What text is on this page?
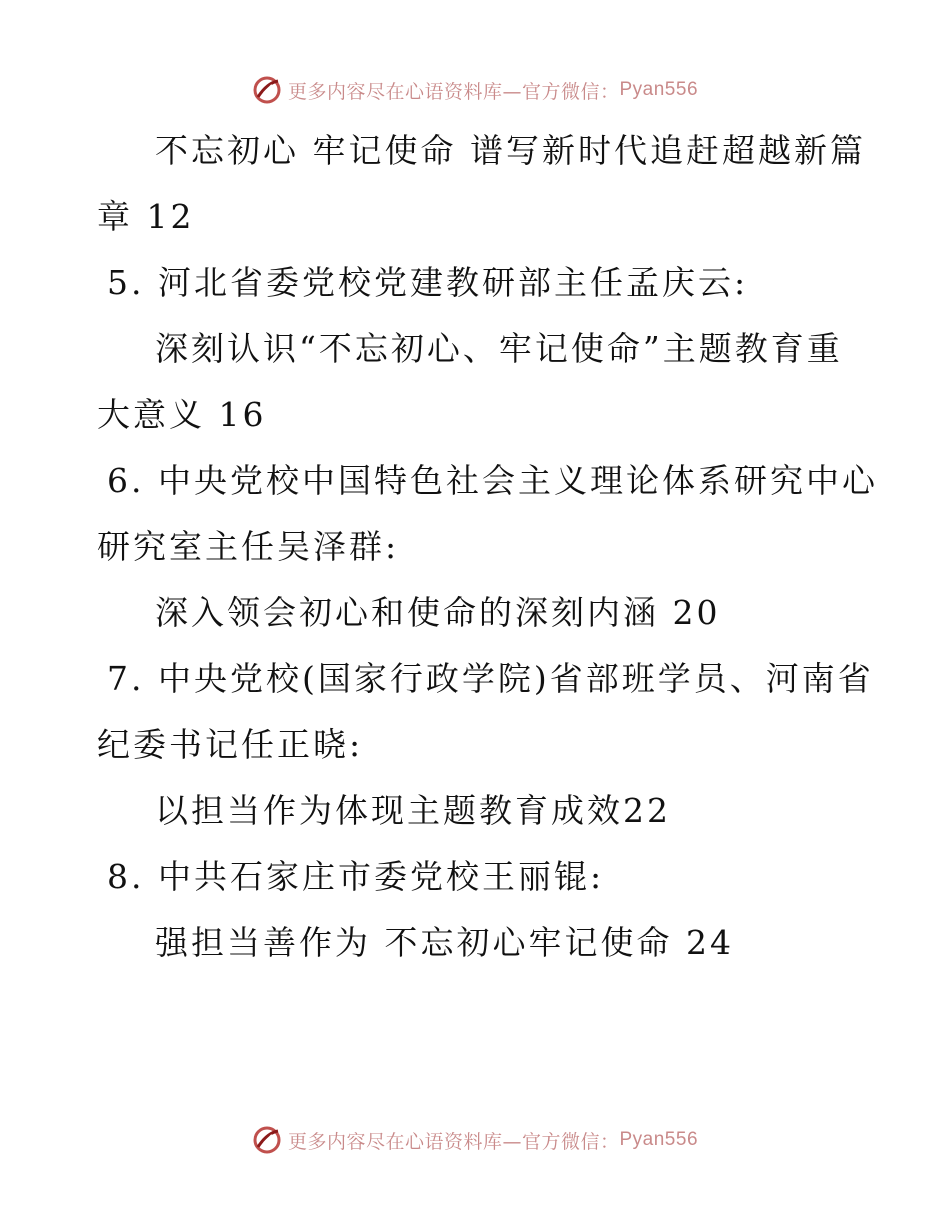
更多内容尽在心语资料库—官方微信： Pyan556
不忘初心 牢记使命 谱写新时代追赶超越新篇
章 12
5. 河北省委党校党建教研部主任孟庆云:
深刻认识“不忘初心、牢记使命”主题教育重
大意义 16
6. 中央党校中国特色社会主义理论体系研究中心
研究室主任吴泽群:
深入领会初心和使命的深刻内涵 20
7. 中央党校(国家行政学院)省部班学员、河南省
纪委书记任正晓:
以担当作为体现主题教育成效22
8. 中共石家庄市委党校王丽锟:
强担当善作为 不忘初心牢记使命 24
更多内容尽在心语资料库—官方微信： Pyan556
